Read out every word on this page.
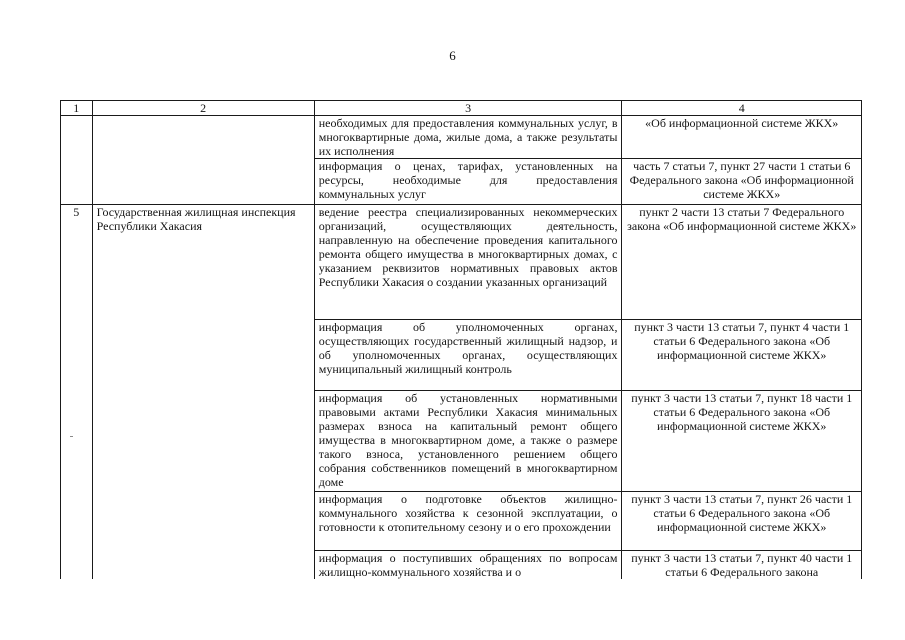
6
1	2	3	4
		необходимых для предоставления коммунальных услуг, в многоквартирные дома, жилые дома, а также результаты их исполнения	«Об информационной системе ЖКХ»
		информация о ценах, тарифах, установленных на ресурсы, необходимые для предоставления коммунальных услуг	часть 7 статьи 7, пункт 27 части 1 статьи 6 Федерального закона «Об информационной системе ЖКХ»
5	Государственная жилищная инспекция Республики Хакасия	ведение реестра специализированных некоммерческих организаций, осуществляющих деятельность, направленную на обеспечение проведения капитального ремонта общего имущества в многоквартирных домах, с указанием реквизитов нормативных правовых актов Республики Хакасия о создании указанных организаций	пункт 2 части 13 статьи 7 Федерального закона «Об информационной системе ЖКХ»
		информация об уполномоченных органах, осуществляющих государственный жилищный надзор, и об уполномоченных органах, осуществляющих муниципальный жилищный контроль	пункт 3 части 13 статьи 7, пункт 4 части 1 статьи 6 Федерального закона «Об информационной системе ЖКХ»
		информация об установленных нормативными правовыми актами Республики Хакасия минимальных размерах взноса на капитальный ремонт общего имущества в многоквартирном доме, а также о размере такого взноса, установленного решением общего собрания собственников помещений в многоквартирном доме	пункт 3 части 13 статьи 7, пункт 18 части 1 статьи 6 Федерального закона «Об информационной системе ЖКХ»
		информация о подготовке объектов жилищно-коммунального хозяйства к сезонной эксплуатации, о готовности к отопительному сезону и о его прохождении	пункт 3 части 13 статьи 7, пункт 26 части 1 статьи 6 Федерального закона «Об информационной системе ЖКХ»
		информация о поступивших обращениях по вопросам жилищно-коммунального хозяйства и о	пункт 3 части 13 статьи 7, пункт 40 части 1 статьи 6 Федерального закона
